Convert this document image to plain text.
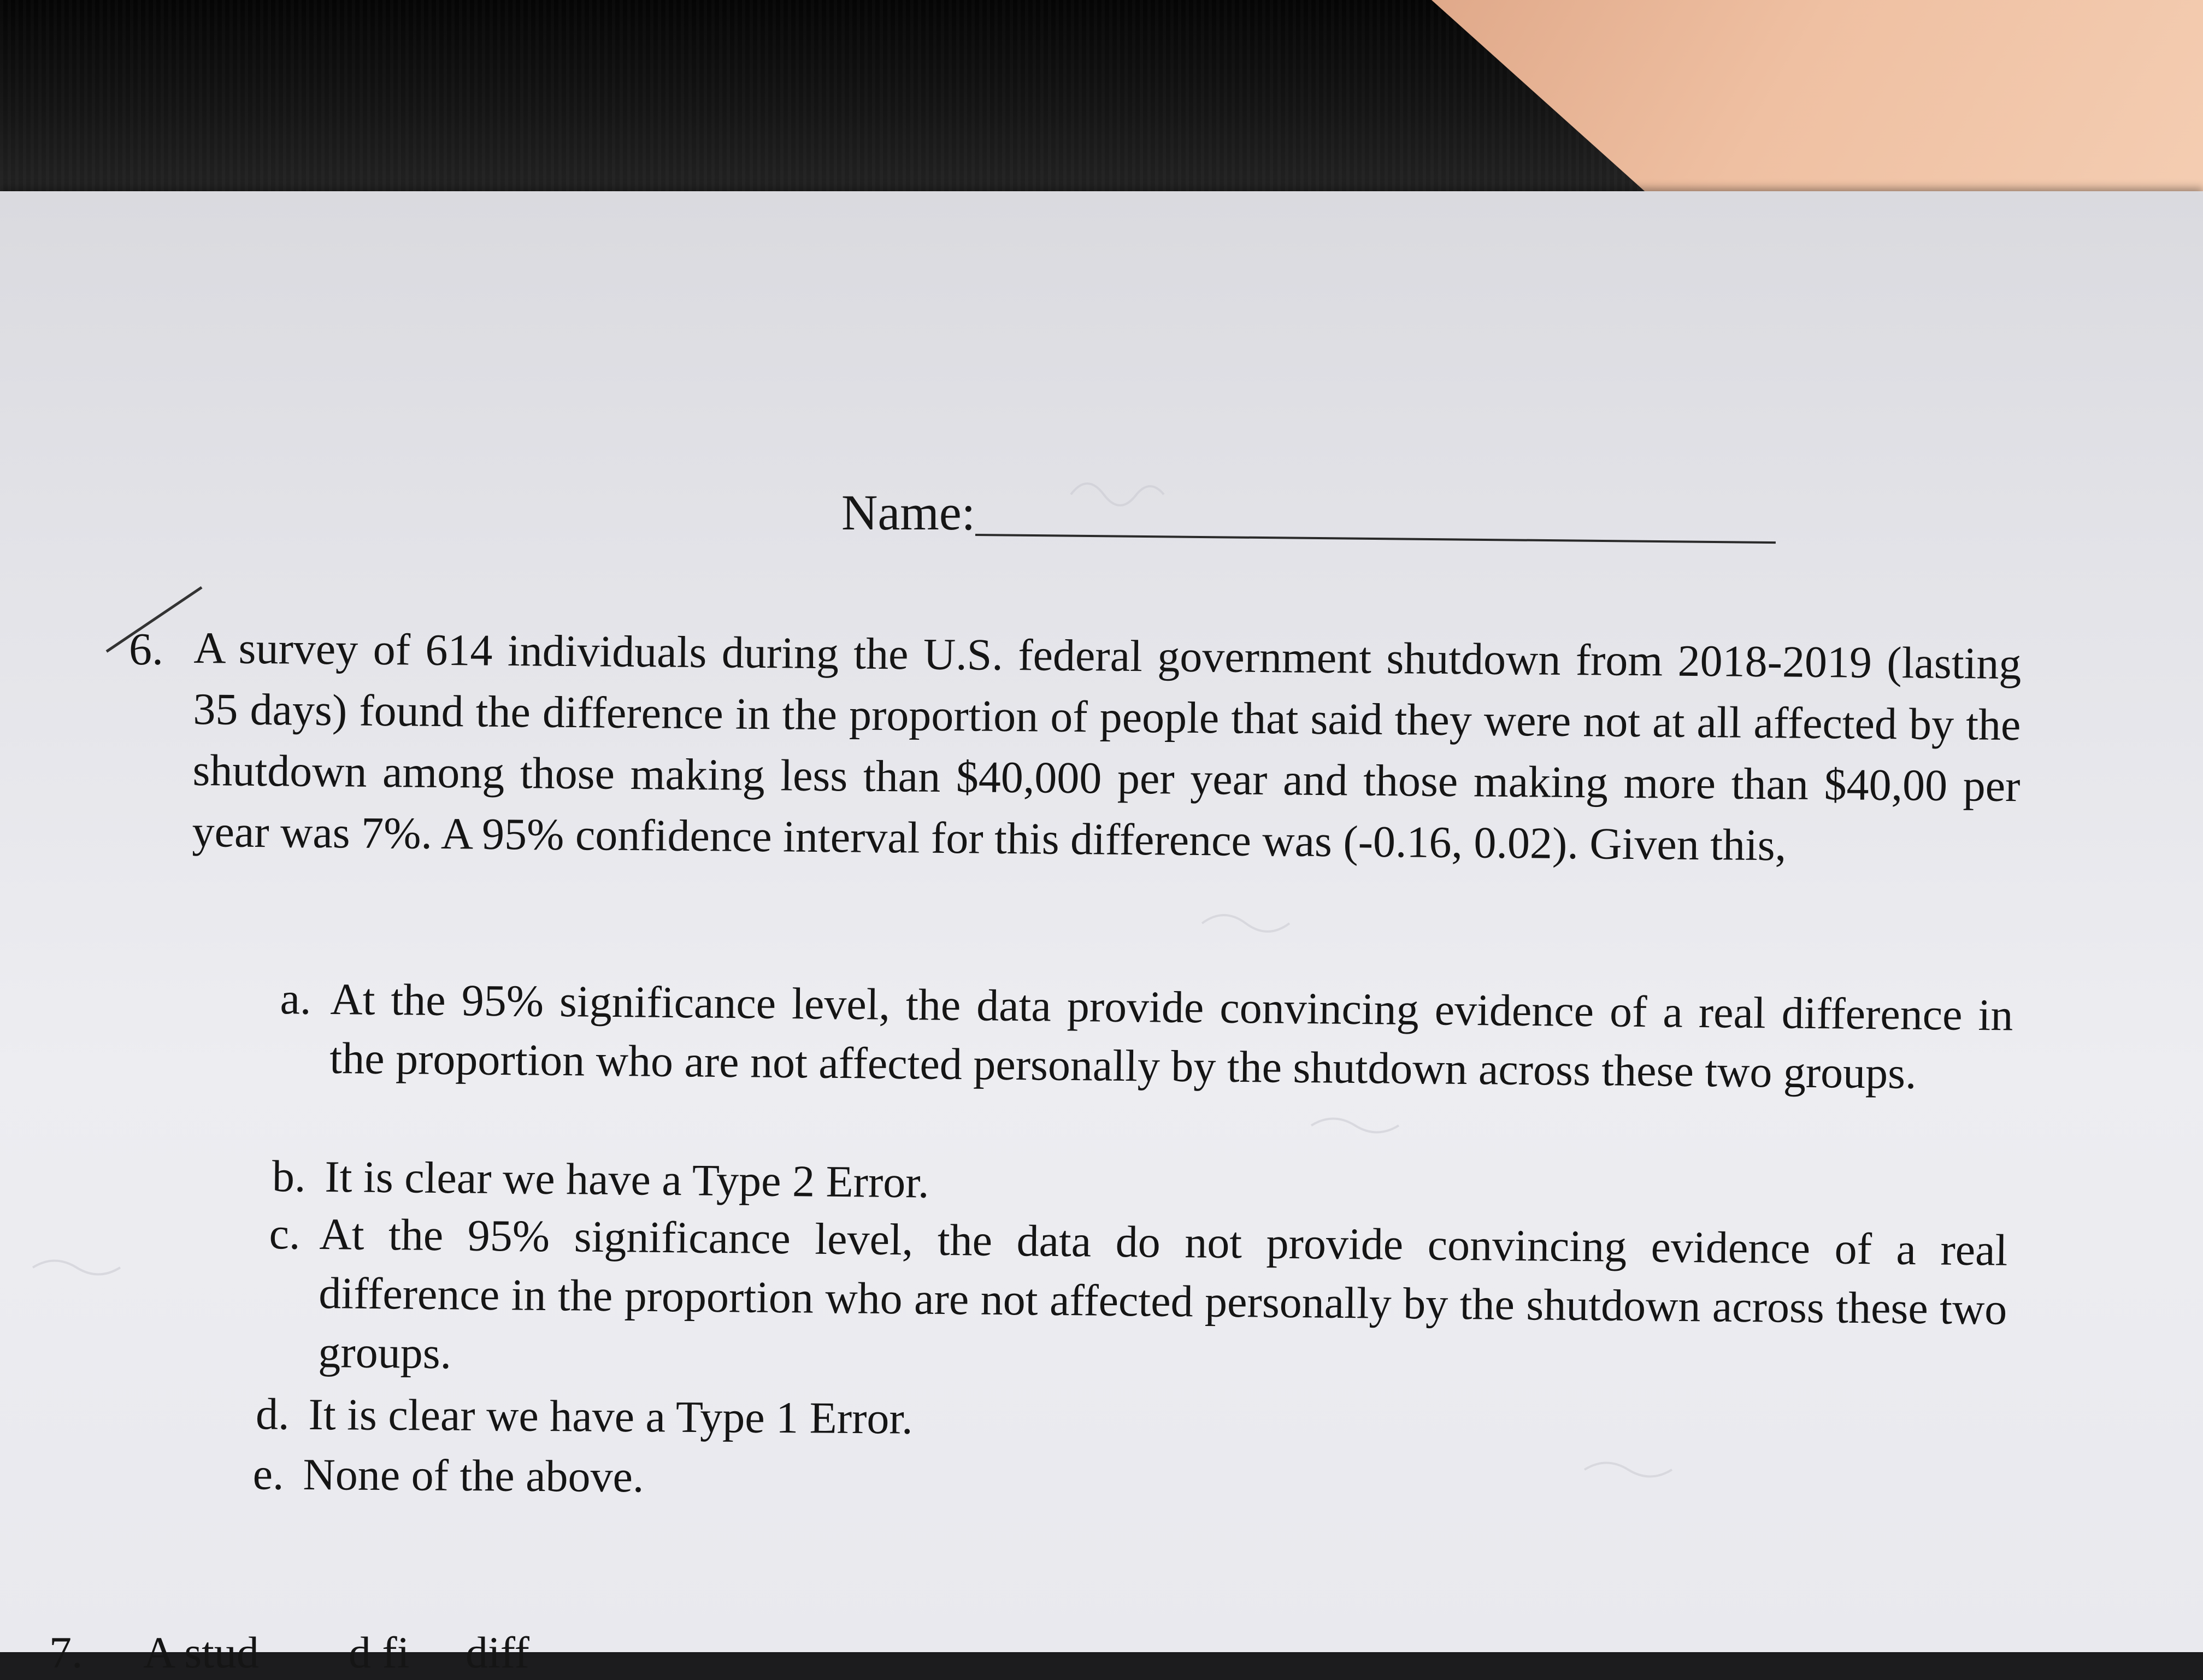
Name:
6. A survey of 614 individuals during the U.S. federal government shutdown from 2018-2019 (lasting 35 days) found the difference in the proportion of people that said they were not at all affected by the shutdown among those making less than $40,000 per year and those making more than $40,00 per year was 7%. A 95% confidence interval for this difference was (-0.16, 0.02). Given this,
a. At the 95% significance level, the data provide convincing evidence of a real difference in the proportion who are not affected personally by the shutdown across these two groups.
b. It is clear we have a Type 2 Error.
c. At the 95% significance level, the data do not provide convincing evidence of a real difference in the proportion who are not affected personally by the shutdown across these two groups.
d. It is clear we have a Type 1 Error.
e. None of the above.
7. A stud        d fi     diff
